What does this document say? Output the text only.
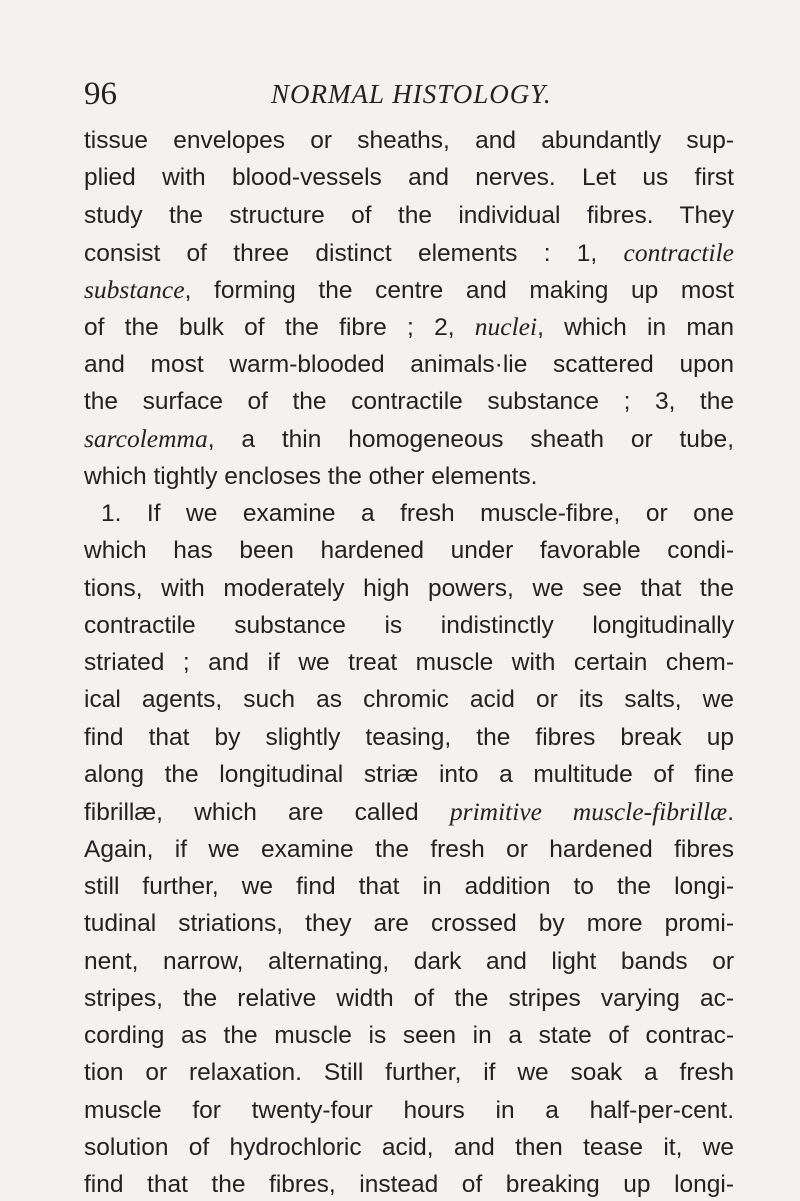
96	NORMAL HISTOLOGY.
tissue envelopes or sheaths, and abundantly sup-
plied with blood-vessels and nerves. Let us first
study the structure of the individual fibres. They
consist of three distinct elements : 1, contractile
substance, forming the centre and making up most
of the bulk of the fibre ; 2, nuclei, which in man
and most warm-blooded animals·lie scattered upon
the surface of the contractile substance ; 3, the
sarcolemma, a thin homogeneous sheath or tube,
which tightly encloses the other elements.
1. If we examine a fresh muscle-fibre, or one
which has been hardened under favorable condi-
tions, with moderately high powers, we see that the
contractile substance is indistinctly longitudinally
striated ; and if we treat muscle with certain chem-
ical agents, such as chromic acid or its salts, we
find that by slightly teasing, the fibres break up
along the longitudinal striæ into a multitude of fine
fibrillæ, which are called primitive muscle-fibrillæ.
Again, if we examine the fresh or hardened fibres
still further, we find that in addition to the longi-
tudinal striations, they are crossed by more promi-
nent, narrow, alternating, dark and light bands or
stripes, the relative width of the stripes varying ac-
cording as the muscle is seen in a state of contrac-
tion or relaxation. Still further, if we soak a fresh
muscle for twenty-four hours in a half-per-cent.
solution of hydrochloric acid, and then tease it, we
find that the fibres, instead of breaking up longi-
